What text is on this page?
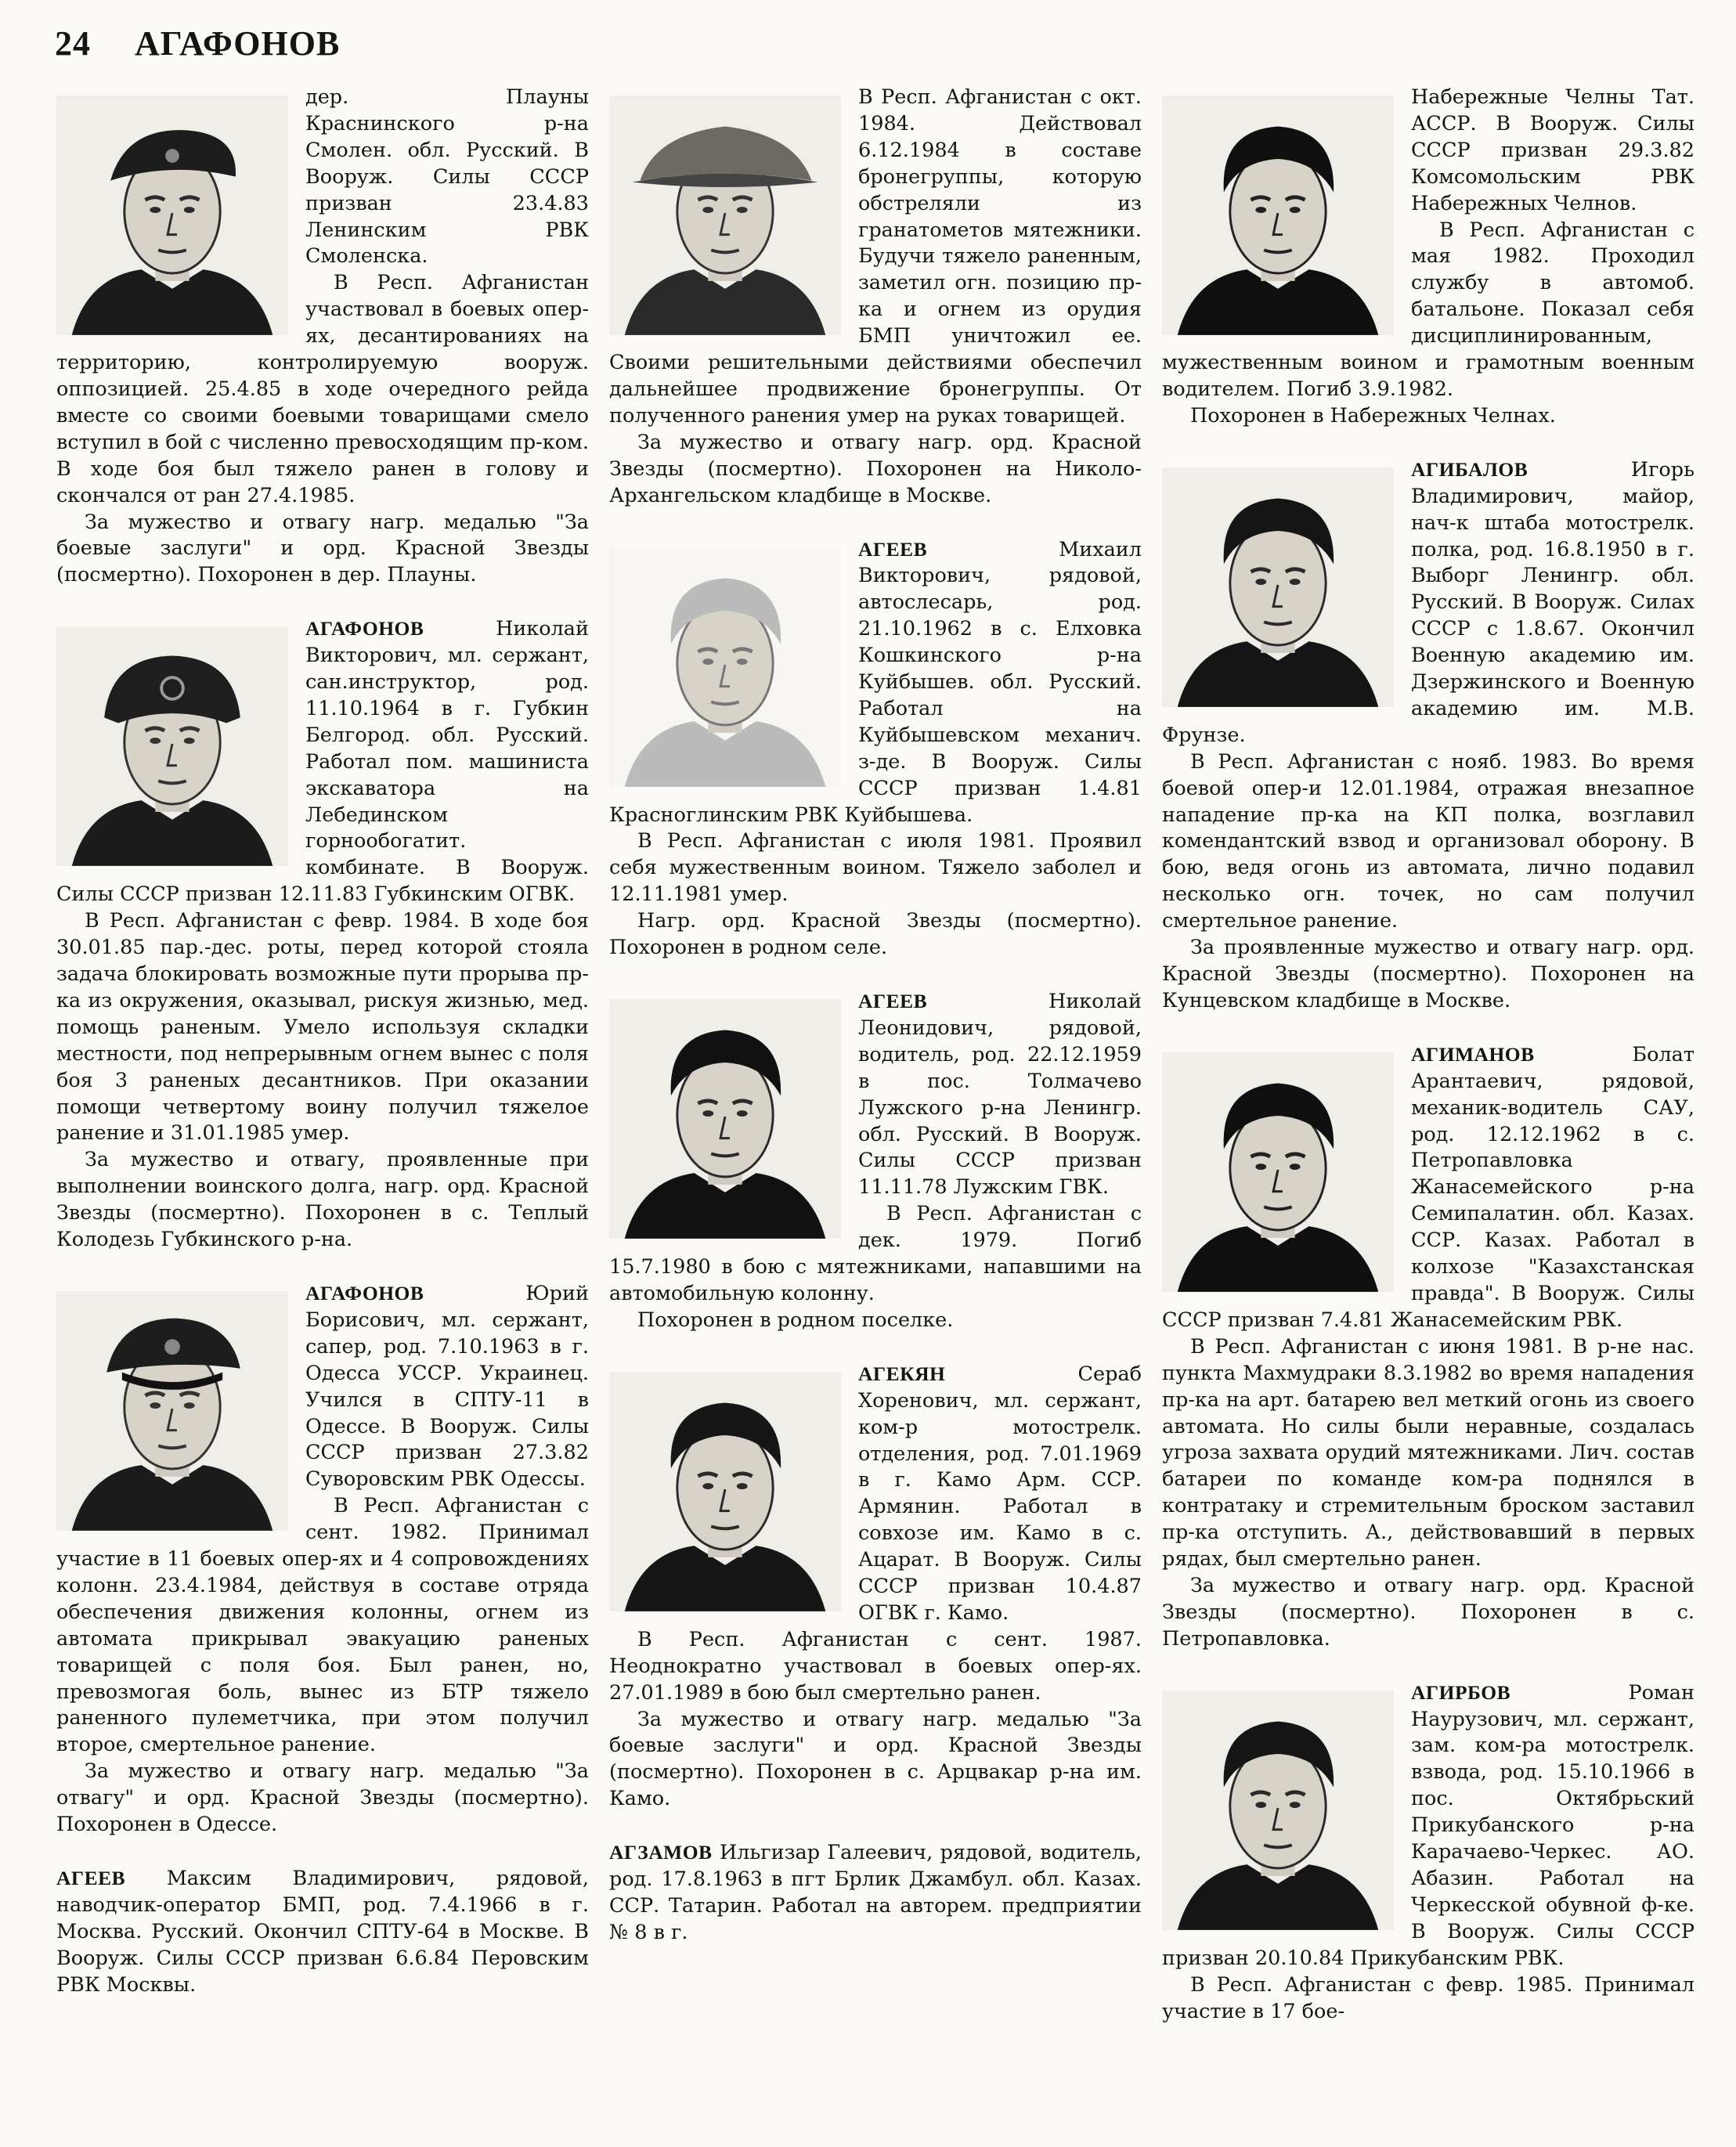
24 АГАФОНОВ

дер. Плауны Краснинского р-на Смолен. обл. Русский. В Вооруж. Силы СССР призван 23.4.83 Ленинским РВК Смоленска.

В Респ. Афганистан участвовал в боевых опер-ях, десантированиях на территорию, контролируемую вооруж. оппозицией. 25.4.85 в ходе очередного рейда вместе со своими боевыми товарищами смело вступил в бой с численно превосходящим пр-ком. В ходе боя был тяжело ранен в голову и скончался от ран 27.4.1985.

За мужество и отвагу нагр. медалью "За боевые заслуги" и орд. Красной Звезды (посмертно). Похоронен в дер. Плауны.

АГАФОНОВ	Николай Викторович, мл. сержант, сан.инструктор, род. 11.10.1964 в г. Губкин Белгород. обл. Русский. Работал пом. машиниста экскаватора на Лебединском горнообогатит. комбинате. В Вооруж. Силы СССР призван 12.11.83 Губкинским ОГВК.

В Респ. Афганистан с февр. 1984. В ходе боя 30.01.85 пар.-дес. роты, перед которой стояла задача блокировать возможные пути прорыва пр-ка из окружения, оказывал, рискуя жизнью, мед. помощь раненым. Умело используя складки местности, под непрерывным огнем вынес с поля боя 3 раненых десантников. При оказании помощи четвертому воину получил тяжелое ранение и 31.01.1985 умер.

За мужество и отвагу, проявленные при выполнении воинского долга, нагр. орд. Красной Звезды (посмертно). Похоронен в с. Теплый Колодезь Губкинского р-на.

АГАФОНОВ	Юрий Борисович, мл. сержант, сапер, род. 7.10.1963 в г. Одесса УССР. Украинец. Учился в СПТУ-11 в Одессе. В Вооруж. Силы СССР призван 27.3.82 Суворовским РВК Одессы.

В Респ. Афганистан с сент. 1982. Принимал участие в 11 боевых опер-ях и 4 сопровождениях колонн. 23.4.1984, действуя в составе отряда обеспечения движения колонны, огнем из автомата прикрывал эвакуацию раненых товарищей с поля боя. Был ранен, но, превозмогая боль, вынес из БТР тяжело раненного пулеметчика, при этом получил второе, смертельное ранение.

За мужество и отвагу нагр. медалью "За отвагу" и орд. Красной Звезды (посмертно). Похоронен в Одессе.

АГЕЕВ Максим Владимирович, рядовой, наводчик-оператор БМП, род. 7.4.1966 в г. Москва. Русский. Окончил СПТУ-64 в Москве. В Вооруж. Силы СССР призван 6.6.84 Перовским РВК Москвы.

В Респ. Афганистан с окт. 1984. Действовал 6.12.1984 в составе бронегруппы, которую обстреляли из гранатометов мятежники. Будучи тяжело раненным, заметил огн. позицию пр-ка и огнем из орудия БМП уничтожил ее. Своими решительными действиями обеспечил дальнейшее продвижение бронегруппы. От полученного ранения умер на руках товарищей.

За мужество и отвагу нагр. орд. Красной Звезды (посмертно). Похоронен на Николо-Архангельском кладбище в Москве.

АГЕЕВ	Михаил Викторович, рядовой, автослесарь, род. 21.10.1962 в с. Елховка Кошкинского р-на Куйбышев. обл. Русский. Работал на Куйбышевском механич. з-де. В Вооруж. Силы СССР призван 1.4.81 Красноглинским РВК Куйбышева.

В Респ. Афганистан с июля 1981. Проявил себя мужественным воином. Тяжело заболел и 12.11.1981 умер.

Нагр. орд. Красной Звезды (посмертно). Похоронен в родном селе.

АГЕЕВ	Николай Леонидович, рядовой, водитель, род. 22.12.1959 в пос. Толмачево Лужского р-на Ленингр. обл. Русский. В Вооруж. Силы СССР призван 11.11.78 Лужским ГВК.

В Респ. Афганистан с дек. 1979. Погиб 15.7.1980 в бою с мятежниками, напавшими на автомобильную колонну.

Похоронен в родном поселке.

АГЕКЯН	Сераб Хоренович, мл. сержант, ком-р мотострелк. отделения, род. 7.01.1969 в г. Камо Арм. ССР. Армянин. Работал в совхозе им. Камо в с. Ацарат. В Вооруж. Силы СССР призван 10.4.87 ОГВК г. Камо.

В Респ. Афганистан с сент. 1987. Неоднократно участвовал в боевых опер-ях. 27.01.1989 в бою был смертельно ранен.

За мужество и отвагу нагр. медалью "За боевые заслуги" и орд. Красной Звезды (посмертно). Похоронен в с. Арцвакар р-на им. Камо.

АГЗАМОВ Ильгизар Галеевич, рядовой, водитель, род. 17.8.1963 в пгт Брлик Джамбул. обл. Казах. ССР. Татарин. Работал на авторем. предприятии № 8 в г.

Набережные Челны Тат. АССР. В Вооруж. Силы СССР призван 29.3.82 Комсомольским РВК Набережных Челнов.

В Респ. Афганистан с мая 1982. Проходил службу в автомоб. батальоне. Показал себя дисциплинированным, мужественным воином и грамотным военным водителем. Погиб 3.9.1982.

Похоронен в Набережных Челнах.

АГИБАЛОВ	Игорь Владимирович, майор, нач-к штаба мотострелк. полка, род. 16.8.1950 в г. Выборг Ленингр. обл. Русский. В Вооруж. Силах СССР с 1.8.67. Окончил Военную академию им. Дзержинского и Военную академию им. М.В. Фрунзе.

В Респ. Афганистан с нояб. 1983. Во время боевой опер-и 12.01.1984, отражая внезапное нападение пр-ка на КП полка, возглавил комендантский взвод и организовал оборону. В бою, ведя огонь из автомата, лично подавил несколько огн. точек, но сам получил смертельное ранение.

За проявленные мужество и отвагу нагр. орд. Красной Звезды (посмертно). Похоронен на Кунцевском кладбище в Москве.

АГИМАНОВ	Болат Арантаевич, рядовой, механик-водитель САУ, род. 12.12.1962 в с. Петропавловка Жанасемейского р-на Семипалатин. обл. Казах. ССР. Казах. Работал в колхозе "Казахстанская правда". В Вооруж. Силы СССР призван 7.4.81 Жанасемейским РВК.

В Респ. Афганистан с июня 1981. В р-не нас. пункта Махмудраки 8.3.1982 во время нападения пр-ка на арт. батарею вел меткий огонь из своего автомата. Но силы были неравные, создалась угроза захвата орудий мятежниками. Лич. состав батареи по команде ком-ра поднялся в контратаку и стремительным броском заставил пр-ка отступить. А., действовавший в первых рядах, был смертельно ранен.

За мужество и отвагу нагр. орд. Красной Звезды (посмертно). Похоронен в с. Петропавловка.

АГИРБОВ	Роман Наурузович, мл. сержант, зам. ком-ра мотострелк. взвода, род. 15.10.1966 в пос. Октябрьский Прикубанского р-на Карачаево-Черкес. АО. Абазин. Работал на Черкесской обувной ф-ке. В Вооруж. Силы СССР призван 20.10.84 Прикубанским РВК.

В Респ. Афганистан с февр. 1985. Принимал участие в 17 бое-
